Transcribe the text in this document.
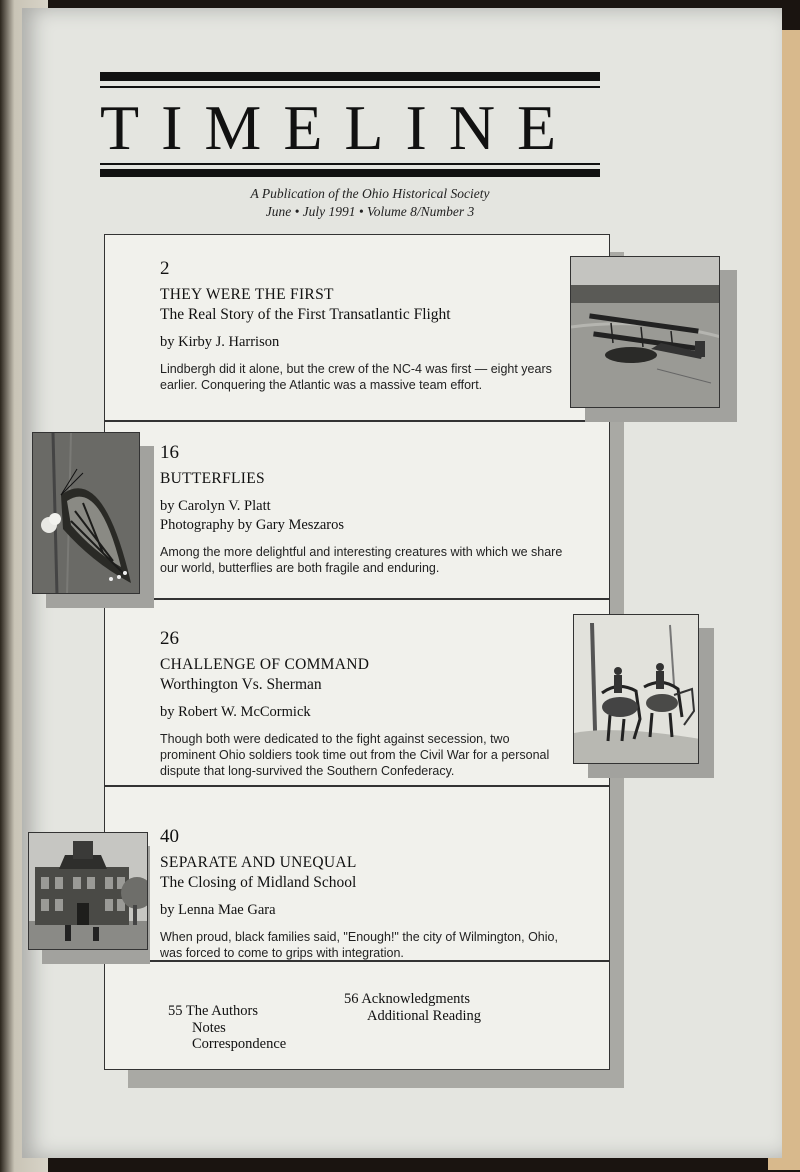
TIMELINE
A Publication of the Ohio Historical Society
June • July 1991 • Volume 8/Number 3
2
THEY WERE THE FIRST
The Real Story of the First Transatlantic Flight
by Kirby J. Harrison
Lindbergh did it alone, but the crew of the NC-4 was first — eight years earlier. Conquering the Atlantic was a massive team effort.
16
BUTTERFLIES
by Carolyn V. Platt
Photography by Gary Meszaros
Among the more delightful and interesting creatures with which we share our world, butterflies are both fragile and enduring.
26
CHALLENGE OF COMMAND
Worthington Vs. Sherman
by Robert W. McCormick
Though both were dedicated to the fight against secession, two prominent Ohio soldiers took time out from the Civil War for a personal dispute that long-survived the Southern Confederacy.
40
SEPARATE AND UNEQUAL
The Closing of Midland School
by Lenna Mae Gara
When proud, black families said, "Enough!" the city of Wilmington, Ohio, was forced to come to grips with integration.
55 The Authors
Notes
Correspondence
56 Acknowledgments
Additional Reading
